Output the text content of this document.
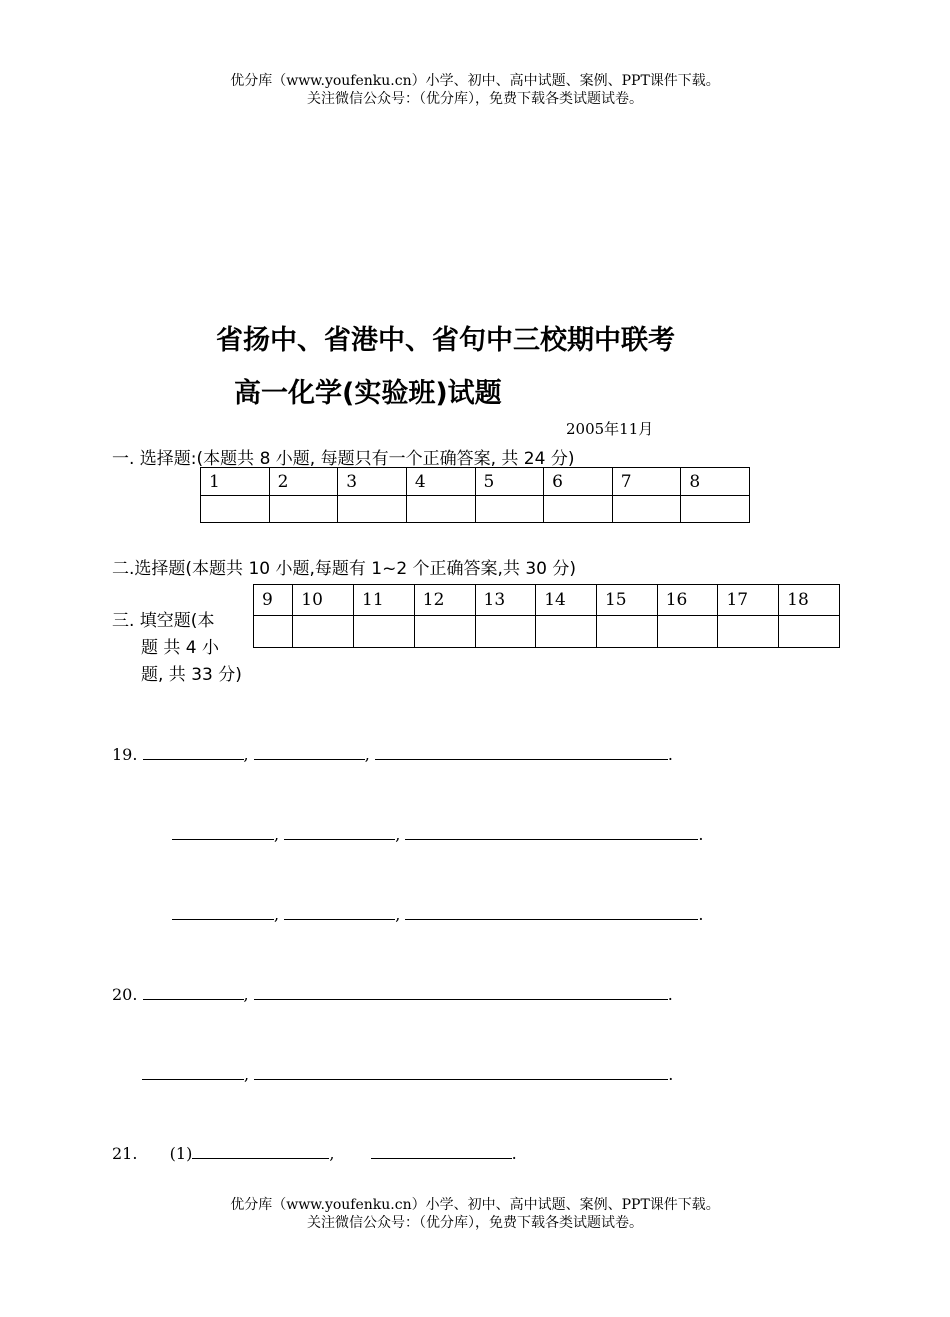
优分库（www.youfenku.cn）小学、初中、高中试题、案例、PPT课件下载。
关注微信公众号：（优分库），免费下载各类试题试卷。
省扬中、省港中、省句中三校期中联考
高一化学(实验班)试题
2005年11月
一. 选择题:(本题共 8 小题, 每题只有一个正确答案, 共 24 分)
1	2	3	4	5	6	7	8

二.选择题(本题共 10 小题,每题有 1~2 个正确答案,共 30 分)
9	10	11	12	13	14	15	16	17	18

三. 填空题(本
题 共 4 小
题, 共 33 分)
19.	,	,	.
,	,	.
,	,	.
20.	,	.
,	.
21. (1)	,	.
优分库（www.youfenku.cn）小学、初中、高中试题、案例、PPT课件下载。
关注微信公众号：（优分库），免费下载各类试题试卷。
